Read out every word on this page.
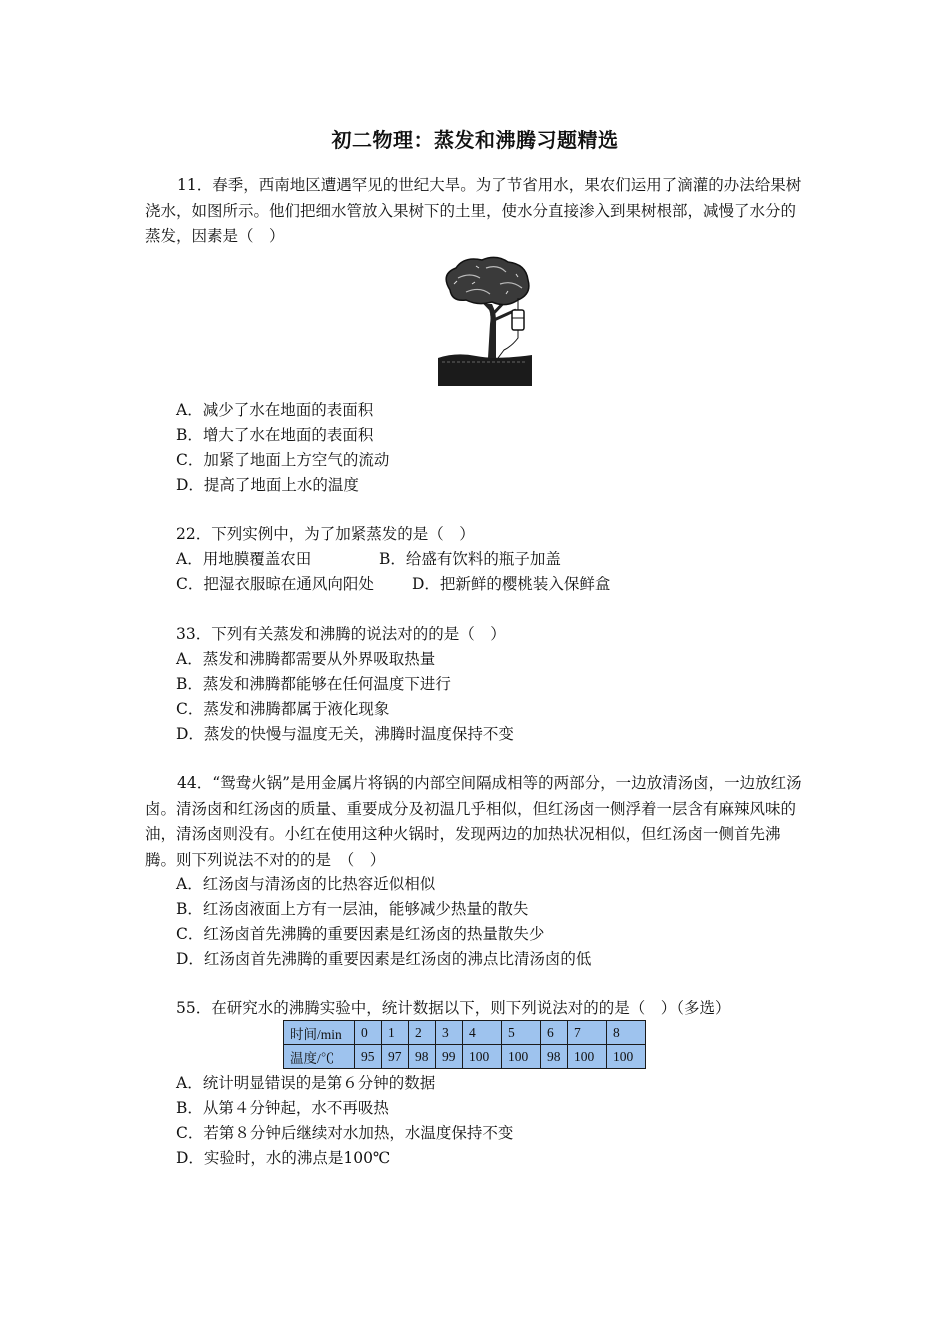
初二物理：蒸发和沸腾习题精选
11．春季，西南地区遭遇罕见的世纪大旱。为了节省用水，果农们运用了滴灌的办法给果树浇水，如图所示。他们把细水管放入果树下的土里，使水分直接渗入到果树根部，减慢了水分的蒸发，因素是（　）
A．减少了水在地面的表面积
B．增大了水在地面的表面积
C．加紧了地面上方空气的流动
D．提高了地面上水的温度
22．下列实例中，为了加紧蒸发的是（　）
A．用地膜覆盖农田	B．给盛有饮料的瓶子加盖
C．把湿衣服晾在通风向阳处 D．把新鲜的樱桃装入保鲜盒
33．下列有关蒸发和沸腾的说法对的的是（　）
A．蒸发和沸腾都需要从外界吸取热量
B．蒸发和沸腾都能够在任何温度下进行
C．蒸发和沸腾都属于液化现象
D．蒸发的快慢与温度无关，沸腾时温度保持不变
44．“鸳鸯火锅”是用金属片将锅的内部空间隔成相等的两部分，一边放清汤卤，一边放红汤卤。清汤卤和红汤卤的质量、重要成分及初温几乎相似，但红汤卤一侧浮着一层含有麻辣风味的油，清汤卤则没有。小红在使用这种火锅时，发现两边的加热状况相似，但红汤卤一侧首先沸腾。则下列说法不对的的是　（　）
A．红汤卤与清汤卤的比热容近似相似
B．红汤卤液面上方有一层油，能够减少热量的散失
C．红汤卤首先沸腾的重要因素是红汤卤的热量散失少
D．红汤卤首先沸腾的重要因素是红汤卤的沸点比清汤卤的低
55．在研究水的沸腾实验中，统计数据以下，则下列说法对的的是（　）（多选）
时间/min	0	1	2	3	4	5	6	7	8
温度/℃	95	97	98	99	100	100	98	100	100
A．统计明显错误的是第６分钟的数据
B．从第４分钟起，水不再吸热
C．若第８分钟后继续对水加热，水温度保持不变
D．实验时，水的沸点是100℃
